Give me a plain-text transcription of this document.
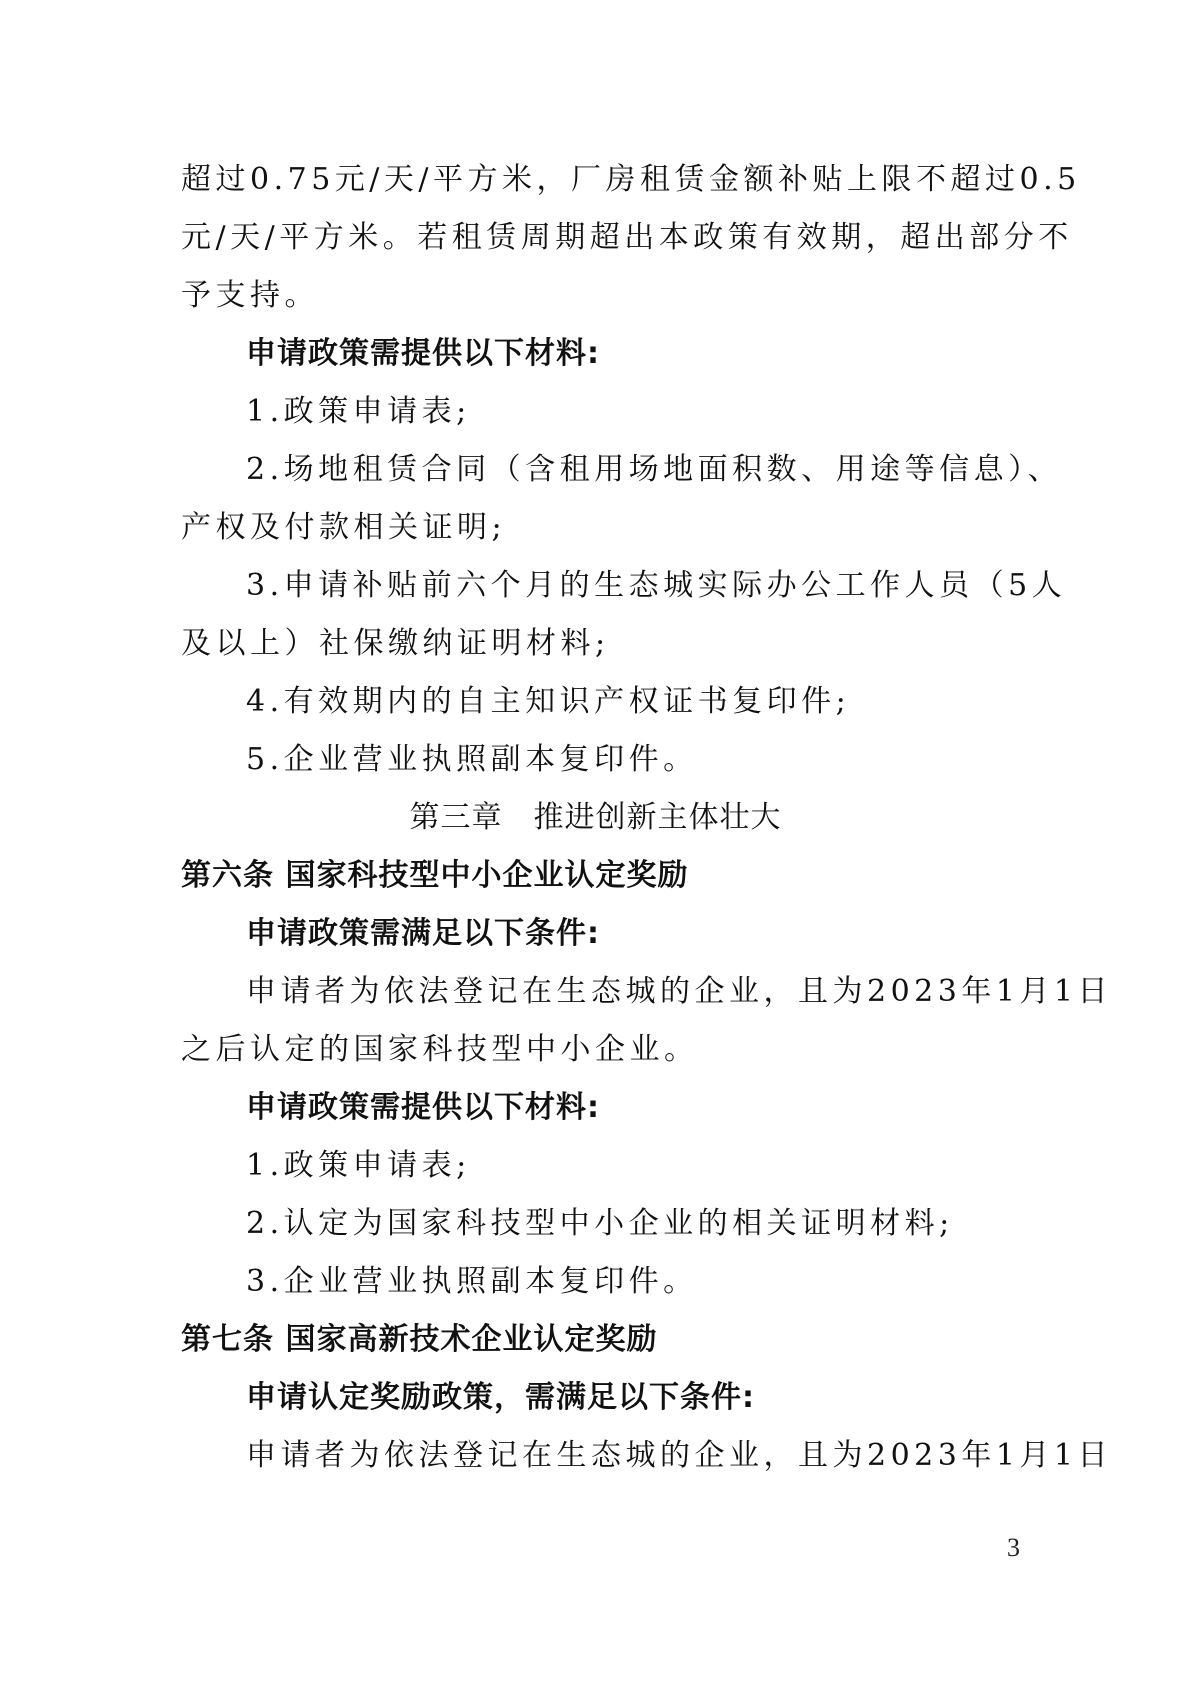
超过0.75元/天/平方米，厂房租赁金额补贴上限不超过0.5
元/天/平方米。若租赁周期超出本政策有效期，超出部分不
予支持。
申请政策需提供以下材料:
1.政策申请表;
2.场地租赁合同（含租用场地面积数、用途等信息）、
产权及付款相关证明;
3.申请补贴前六个月的生态城实际办公工作人员（5人
及以上）社保缴纳证明材料;
4.有效期内的自主知识产权证书复印件;
5.企业营业执照副本复印件。
第三章　推进创新主体壮大
第六条 国家科技型中小企业认定奖励
申请政策需满足以下条件:
申请者为依法登记在生态城的企业，且为2023年1月1日
之后认定的国家科技型中小企业。
申请政策需提供以下材料:
1.政策申请表;
2.认定为国家科技型中小企业的相关证明材料;
3.企业营业执照副本复印件。
第七条 国家高新技术企业认定奖励
申请认定奖励政策，需满足以下条件:
申请者为依法登记在生态城的企业，且为2023年1月1日
3
